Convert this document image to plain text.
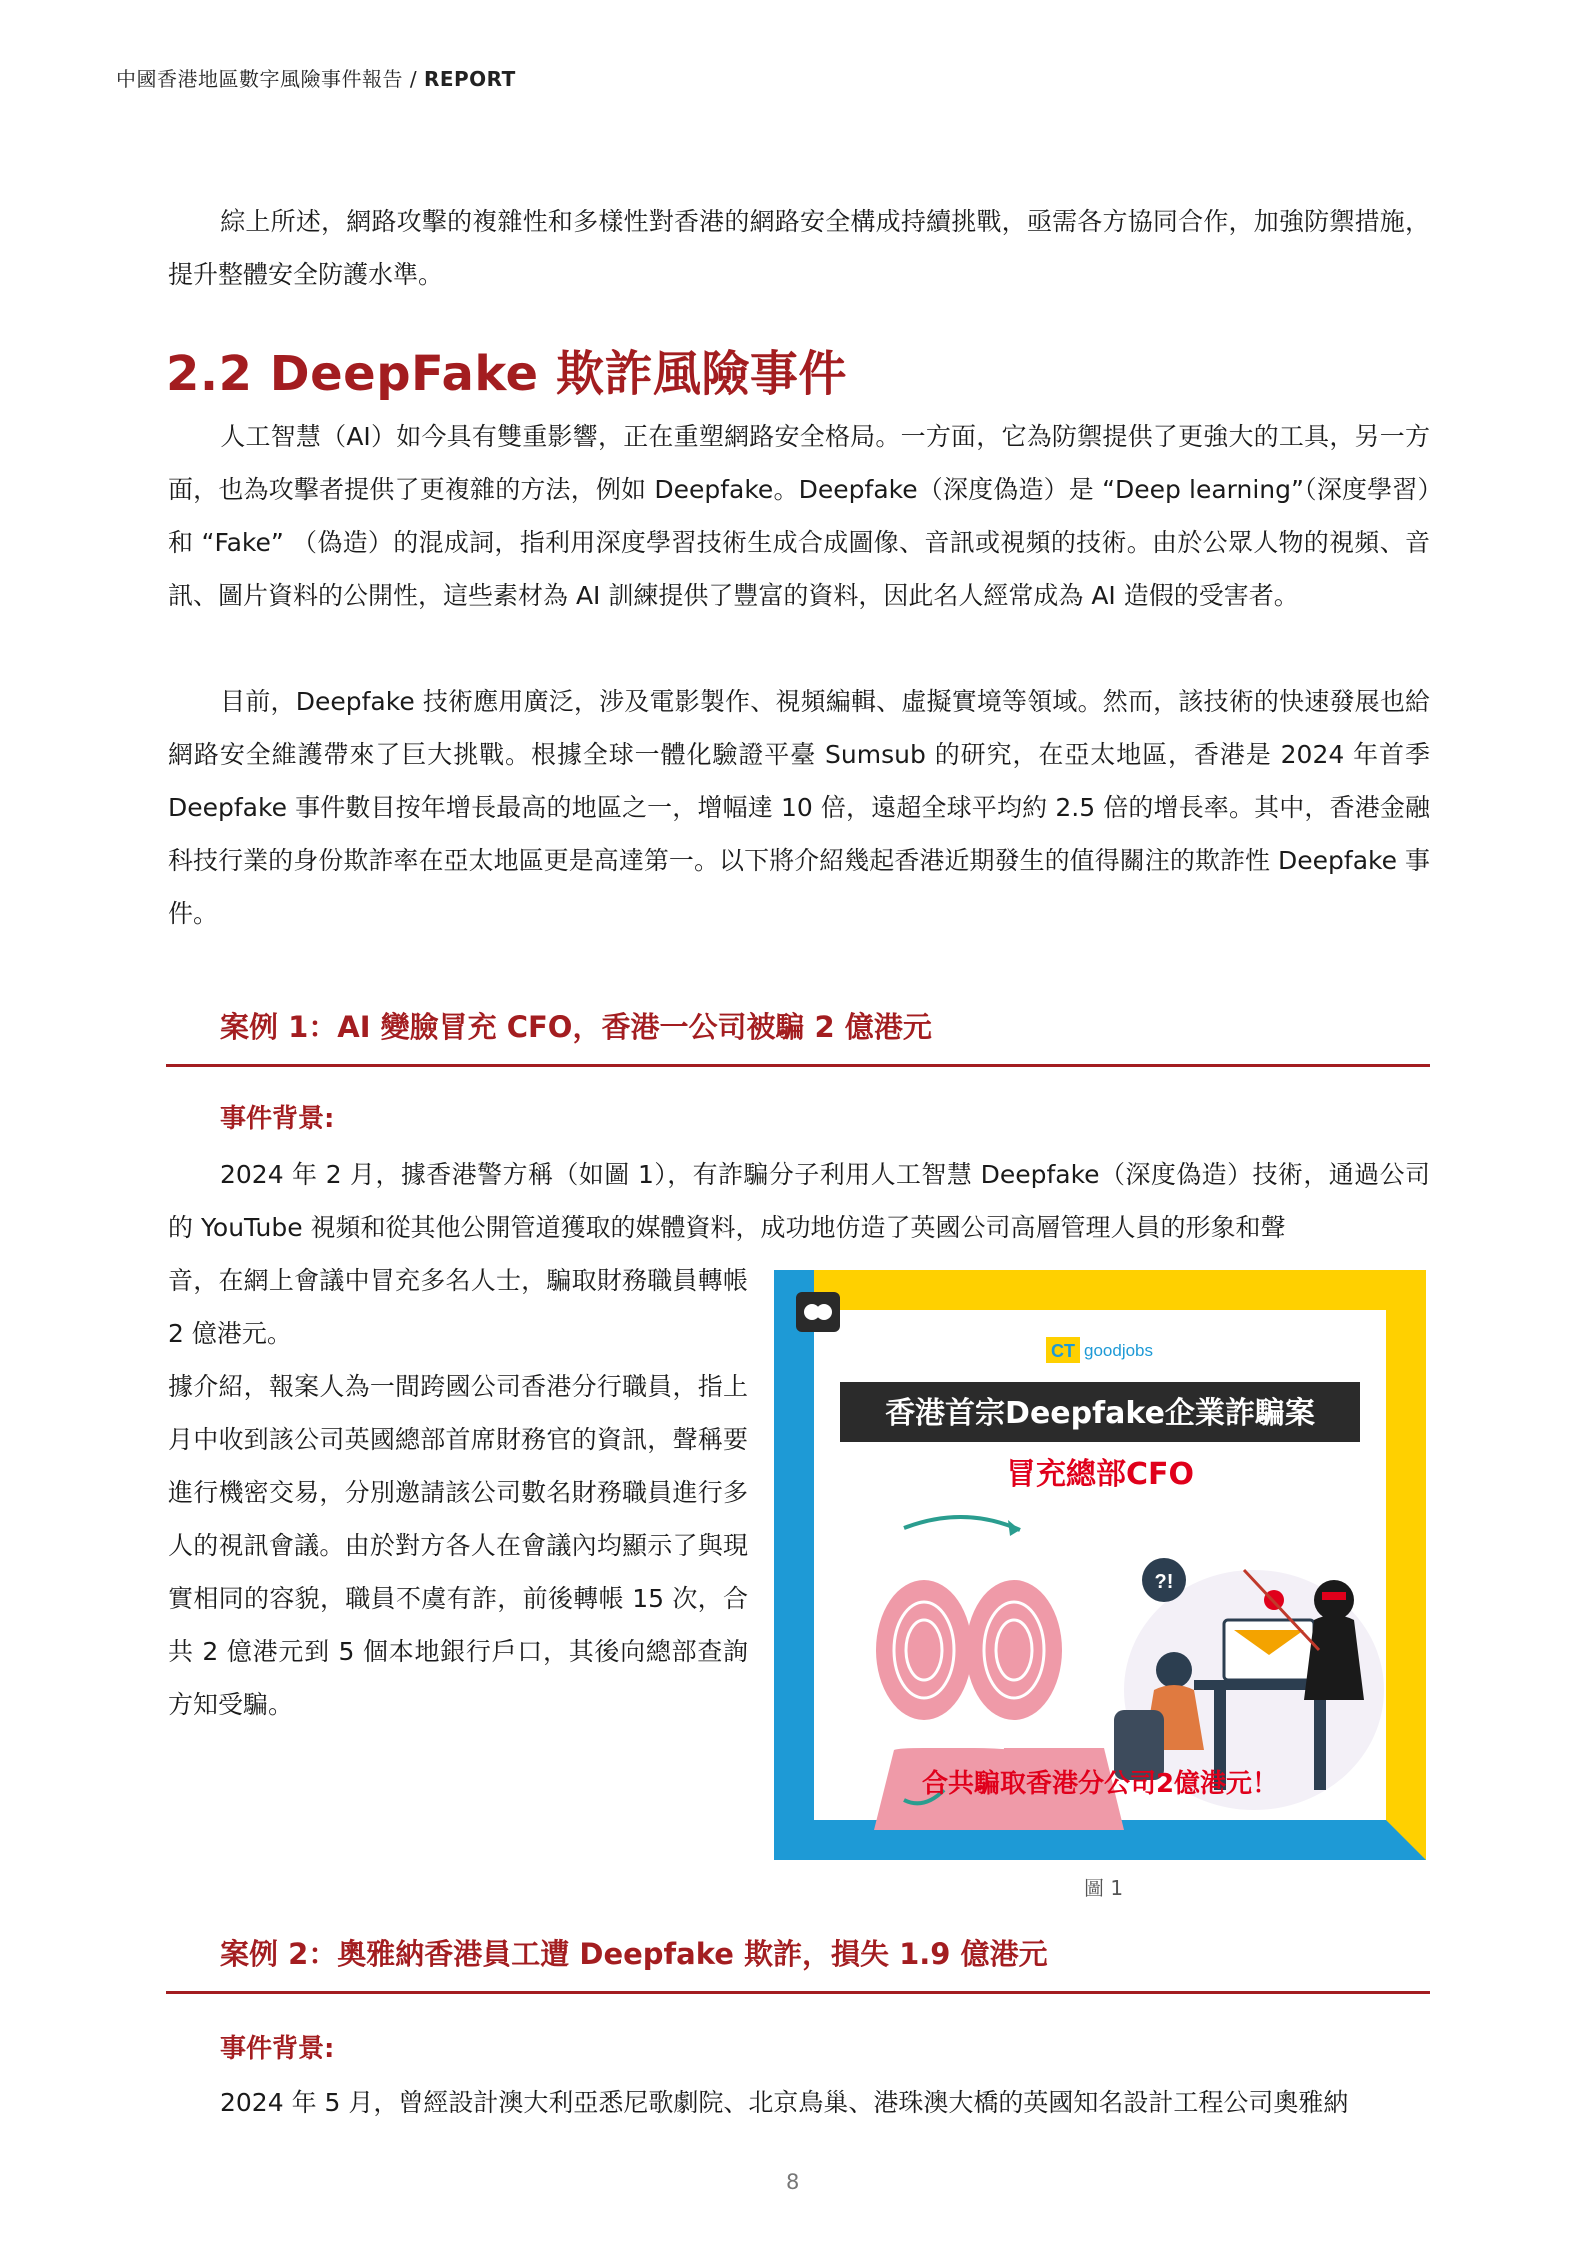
中國香港地區數字風險事件報告 / REPORT
綜上所述，網路攻擊的複雜性和多樣性對香港的網路安全構成持續挑戰，亟需各方協同合作，加強防禦措施，提升整體安全防護水準。
2.2 DeepFake 欺詐風險事件
人工智慧（AI）如今具有雙重影響，正在重塑網路安全格局。一方面，它為防禦提供了更強大的工具，另一方面，也為攻擊者提供了更複雜的方法，例如 Deepfake。Deepfake（深度偽造）是 “Deep learning”（深度學習）和 “Fake” （偽造）的混成詞，指利用深度學習技術生成合成圖像、音訊或視頻的技術。由於公眾人物的視頻、音訊、圖片資料的公開性，這些素材為 AI 訓練提供了豐富的資料，因此名人經常成為 AI 造假的受害者。
目前，Deepfake 技術應用廣泛，涉及電影製作、視頻編輯、虛擬實境等領域。然而，該技術的快速發展也給網路安全維護帶來了巨大挑戰。根據全球一體化驗證平臺 Sumsub 的研究，在亞太地區，香港是 2024 年首季 Deepfake 事件數目按年增長最高的地區之一，增幅達 10 倍，遠超全球平均約 2.5 倍的增長率。其中，香港金融科技行業的身份欺詐率在亞太地區更是高達第一。以下將介紹幾起香港近期發生的值得關注的欺詐性 Deepfake 事件。
案例 1：AI 變臉冒充 CFO，香港一公司被騙 2 億港元
事件背景:
2024 年 2 月，據香港警方稱（如圖 1），有詐騙分子利用人工智慧 Deepfake（深度偽造）技術，通過公司的 YouTube 視頻和從其他公開管道獲取的媒體資料，成功地仿造了英國公司高層管理人員的形象和聲
音，在網上會議中冒充多名人士，騙取財務職員轉帳 2 億港元。
據介紹，報案人為一間跨國公司香港分行職員，指上月中收到該公司英國總部首席財務官的資訊，聲稱要進行機密交易，分別邀請該公司數名財務職員進行多人的視訊會議。由於對方各人在會議內均顯示了與現實相同的容貌，職員不虞有詐，前後轉帳 15 次，合共 2 億港元到 5 個本地銀行戶口，其後向總部查詢方知受騙。
CT goodjobs
香港首宗Deepfake企業詐騙案
冒充總部CFO
?!
合共騙取香港分公司2億港元！
圖 1
案例 2：奧雅納香港員工遭 Deepfake 欺詐，損失 1.9 億港元
事件背景:
2024 年 5 月，曾經設計澳大利亞悉尼歌劇院、北京鳥巢、港珠澳大橋的英國知名設計工程公司奧雅納
8
